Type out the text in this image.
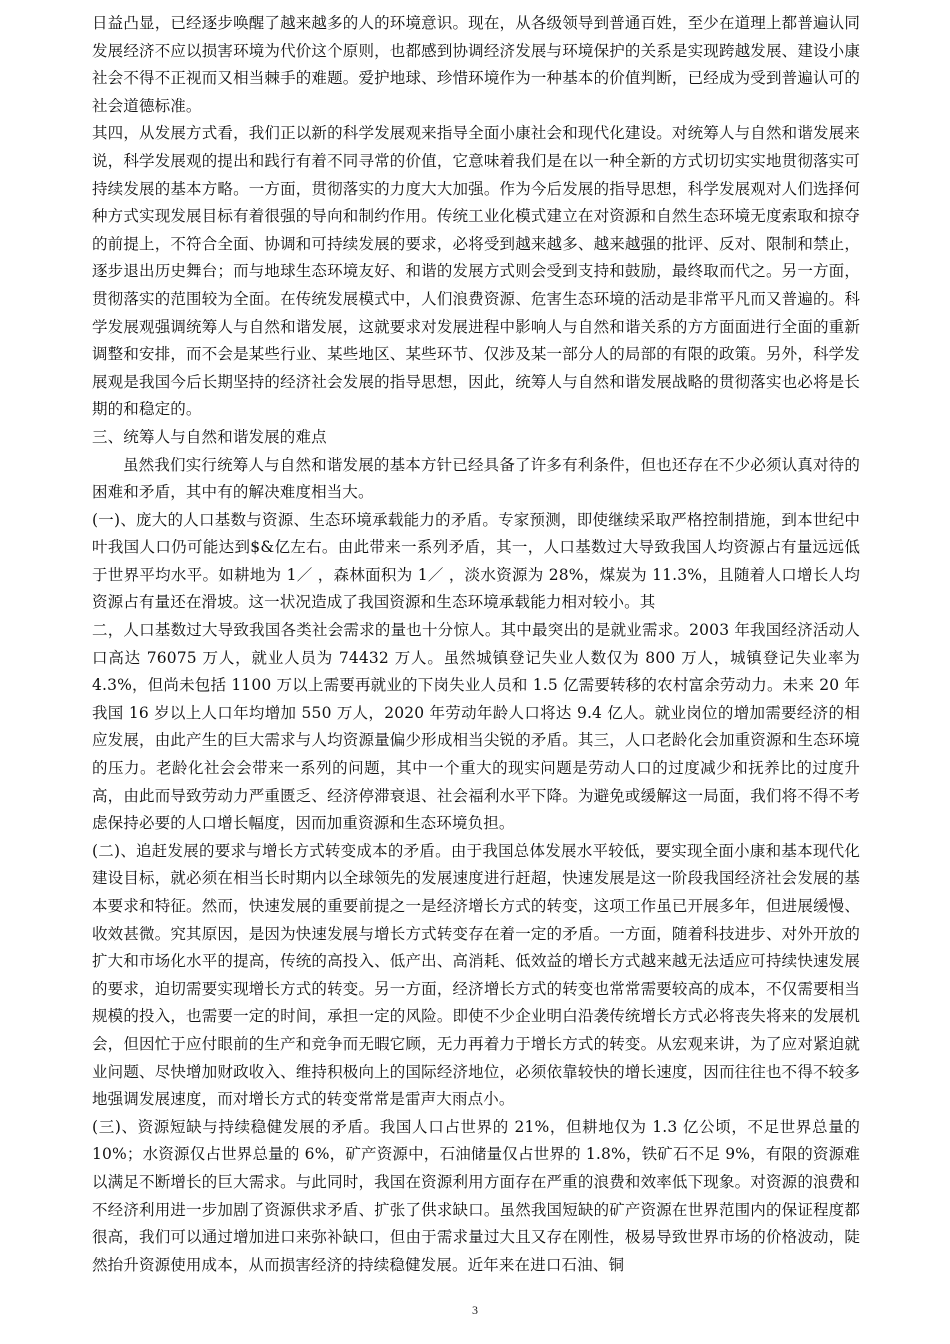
日益凸显，已经逐步唤醒了越来越多的人的环境意识。现在，从各级领导到普通百姓，至少在道理上都普遍认同发展经济不应以损害环境为代价这个原则，也都感到协调经济发展与环境保护的关系是实现跨越发展、建设小康社会不得不正视而又相当棘手的难题。爱护地球、珍惜环境作为一种基本的价值判断，已经成为受到普遍认可的社会道德标准。

其四，从发展方式看，我们正以新的科学发展观来指导全面小康社会和现代化建设。对统筹人与自然和谐发展来说，科学发展观的提出和践行有着不同寻常的价值，它意味着我们是在以一种全新的方式切切实实地贯彻落实可持续发展的基本方略。一方面，贯彻落实的力度大大加强。作为今后发展的指导思想，科学发展观对人们选择何种方式实现发展目标有着很强的导向和制约作用。传统工业化模式建立在对资源和自然生态环境无度索取和掠夺的前提上，不符合全面、协调和可持续发展的要求，必将受到越来越多、越来越强的批评、反对、限制和禁止，逐步退出历史舞台；而与地球生态环境友好、和谐的发展方式则会受到支持和鼓励，最终取而代之。另一方面，贯彻落实的范围较为全面。在传统发展模式中，人们浪费资源、危害生态环境的活动是非常平凡而又普遍的。科学发展观强调统筹人与自然和谐发展，这就要求对发展进程中影响人与自然和谐关系的方方面面进行全面的重新调整和安排，而不会是某些行业、某些地区、某些环节、仅涉及某一部分人的局部的有限的政策。另外，科学发展观是我国今后长期坚持的经济社会发展的指导思想，因此，统筹人与自然和谐发展战略的贯彻落实也必将是长期的和稳定的。

三、统筹人与自然和谐发展的难点

虽然我们实行统筹人与自然和谐发展的基本方针已经具备了许多有利条件，但也还存在不少必须认真对待的困难和矛盾，其中有的解决难度相当大。

(一)、庞大的人口基数与资源、生态环境承载能力的矛盾。专家预测，即使继续采取严格控制措施，到本世纪中叶我国人口仍可能达到$&亿左右。由此带来一系列矛盾，其一，人口基数过大导致我国人均资源占有量远远低于世界平均水平。如耕地为 1／ ，森林面积为 1／ ，淡水资源为 28%，煤炭为 11.3%，且随着人口增长人均资源占有量还在滑坡。这一状况造成了我国资源和生态环境承载能力相对较小。其

二，人口基数过大导致我国各类社会需求的量也十分惊人。其中最突出的是就业需求。2003 年我国经济活动人口高达 76075 万人，就业人员为 74432 万人。虽然城镇登记失业人数仅为 800 万人，城镇登记失业率为 4.3%，但尚未包括 1100 万以上需要再就业的下岗失业人员和 1.5 亿需要转移的农村富余劳动力。未来 20 年我国 16 岁以上人口年均增加 550 万人，2020 年劳动年龄人口将达 9.4 亿人。就业岗位的增加需要经济的相应发展，由此产生的巨大需求与人均资源量偏少形成相当尖锐的矛盾。其三，人口老龄化会加重资源和生态环境的压力。老龄化社会会带来一系列的问题，其中一个重大的现实问题是劳动人口的过度减少和抚养比的过度升高，由此而导致劳动力严重匮乏、经济停滞衰退、社会福利水平下降。为避免或缓解这一局面，我们将不得不考虑保持必要的人口增长幅度，因而加重资源和生态环境负担。

(二)、追赶发展的要求与增长方式转变成本的矛盾。由于我国总体发展水平较低，要实现全面小康和基本现代化建设目标，就必须在相当长时期内以全球领先的发展速度进行赶超，快速发展是这一阶段我国经济社会发展的基本要求和特征。然而，快速发展的重要前提之一是经济增长方式的转变，这项工作虽已开展多年，但进展缓慢、收效甚微。究其原因，是因为快速发展与增长方式转变存在着一定的矛盾。一方面，随着科技进步、对外开放的扩大和市场化水平的提高，传统的高投入、低产出、高消耗、低效益的增长方式越来越无法适应可持续快速发展的要求，迫切需要实现增长方式的转变。另一方面，经济增长方式的转变也常常需要较高的成本，不仅需要相当规模的投入，也需要一定的时间，承担一定的风险。即使不少企业明白沿袭传统增长方式必将丧失将来的发展机会，但因忙于应付眼前的生产和竞争而无暇它顾，无力再着力于增长方式的转变。从宏观来讲，为了应对紧迫就业问题、尽快增加财政收入、维持积极向上的国际经济地位，必须依靠较快的增长速度，因而往往也不得不较多地强调发展速度，而对增长方式的转变常常是雷声大雨点小。

(三)、资源短缺与持续稳健发展的矛盾。我国人口占世界的 21%，但耕地仅为 1.3 亿公顷，不足世界总量的 10%；水资源仅占世界总量的 6%，矿产资源中，石油储量仅占世界的 1.8%，铁矿石不足 9%，有限的资源难以满足不断增长的巨大需求。与此同时，我国在资源利用方面存在严重的浪费和效率低下现象。对资源的浪费和不经济利用进一步加剧了资源供求矛盾、扩张了供求缺口。虽然我国短缺的矿产资源在世界范围内的保证程度都很高，我们可以通过增加进口来弥补缺口，但由于需求量过大且又存在刚性，极易导致世界市场的价格波动，陡然抬升资源使用成本，从而损害经济的持续稳健发展。近年来在进口石油、铜

3
